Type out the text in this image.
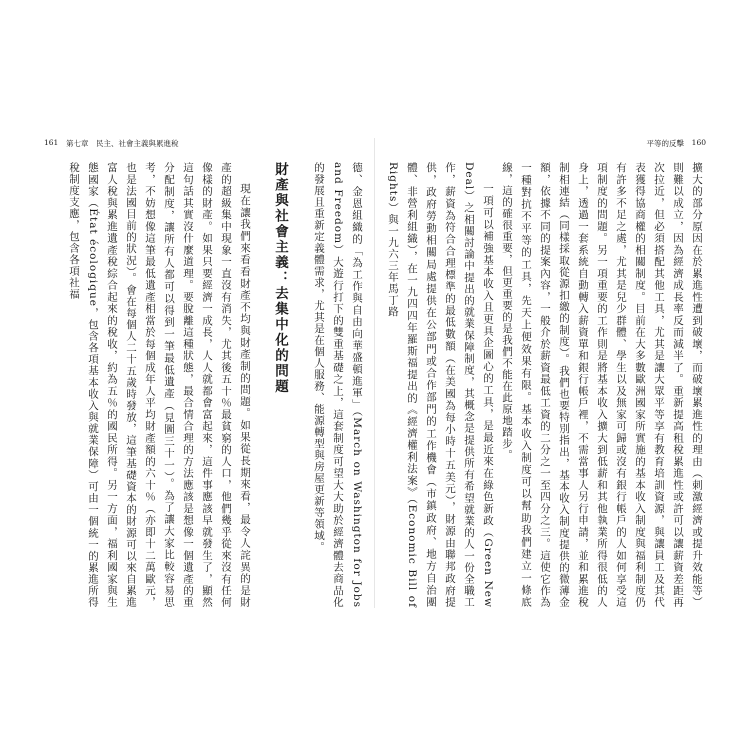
161 第七章　民主、社會主義與累進稅
德、金恩組織的「為工作與自由向華盛頓進軍」（March on Washington for Jobs and Freedom）大遊行打下的雙重基礎之上，這套制度可望大大助於經濟體去商品化的發展且重新定義體需求，尤其是在個人服務、能源轉型與房屋更新等領域。
財產與社會主義：去集中化的問題
現在讓我們來看看財產不均與財產制的問題。如果從長期來看，最令人詫異的是財產的超級集中現象一直沒有消失，尤其後五十％最貧窮的人口，他們幾乎從來沒有任何像樣的財產。如果只要經濟一成長，人人就都會富起來，這件事應該早就發生了，顯然這句話其實沒什麼道理。要脫離這種狀態，最合情合理的方法應該是想像一個遺產的重分配制度，讓所有人都可以得到一筆最低遺產（見圖三十一）。為了讓大家比較容易思考，不妨想像這筆最低遺產相當於每個成年人平均財產額的六十％（亦即十二萬歐元，也是法國目前的狀況）。會在每個人二十五歲時發放，這筆基礎資本的財源可以來自累進富人稅與累進遺產稅綜合起來的稅收，約為五％的國民所得。另一方面，福利國家與生態國家（État écologique，包含各項基本收入與就業保障）可由一個統一的累進所得稅制度支應，包含各項社福
平等的反擊 160
擴大的部分原因在於累進性遭到破壞，而破壞累進性的理由（刺激經濟或提升效能等）則難以成立，因為經濟成長率反而減半了。重新提高租稅累進性或許可以讓薪資差距再次拉近，但必須搭配其他工具，尤其是讓大眾平等享有教育培訓資源，與讓員工及其代表獲得協商權的相關制度。目前在大多數歐洲國家所實施的基本收入制度與福利制度仍有許多不足之處，尤其是兒少群體、學生以及無家可歸或沒有銀行帳戶的人如何享受這項制度的問題。另一項重要的工作則是將基本收入擴大到低薪和其他執業所得很低的人身上，透過一套系統自動轉入薪資單和銀行帳戶裡，不需當事人另行申請，並和累進稅制相連結（同樣採取從源扣繳的制度）。我們也要特別指出，基本收入制度提供的微薄金額，依據不同的提案內容，一般介於薪資最低工資的二分之一至四分之三。這使它作為一種對抗不平等的工具，先天上便效果有限。基本收入制度可以幫助我們建立一條底線，這的確很重要，但更重要的是我們不能在此原地踏步。
一項可以補強基本收入且更具企圖心的工具，是最近來在綠色新政（Green New Deal）之相關討論中提出的就業保障制度，其概念是提供所有希望就業的人一份全職工作，薪資為符合合理標準的最低數額（在美國為每小時十五美元），財源由聯邦政府提供，政府勞動相關局處提供在公部門或合作部門的工作機會（市鎮政府、地方自治團體、非營利組織），在一九四四年羅斯福提出的《經濟權利法案》（Economic Bill of Rights）與一九六三年馬丁路
